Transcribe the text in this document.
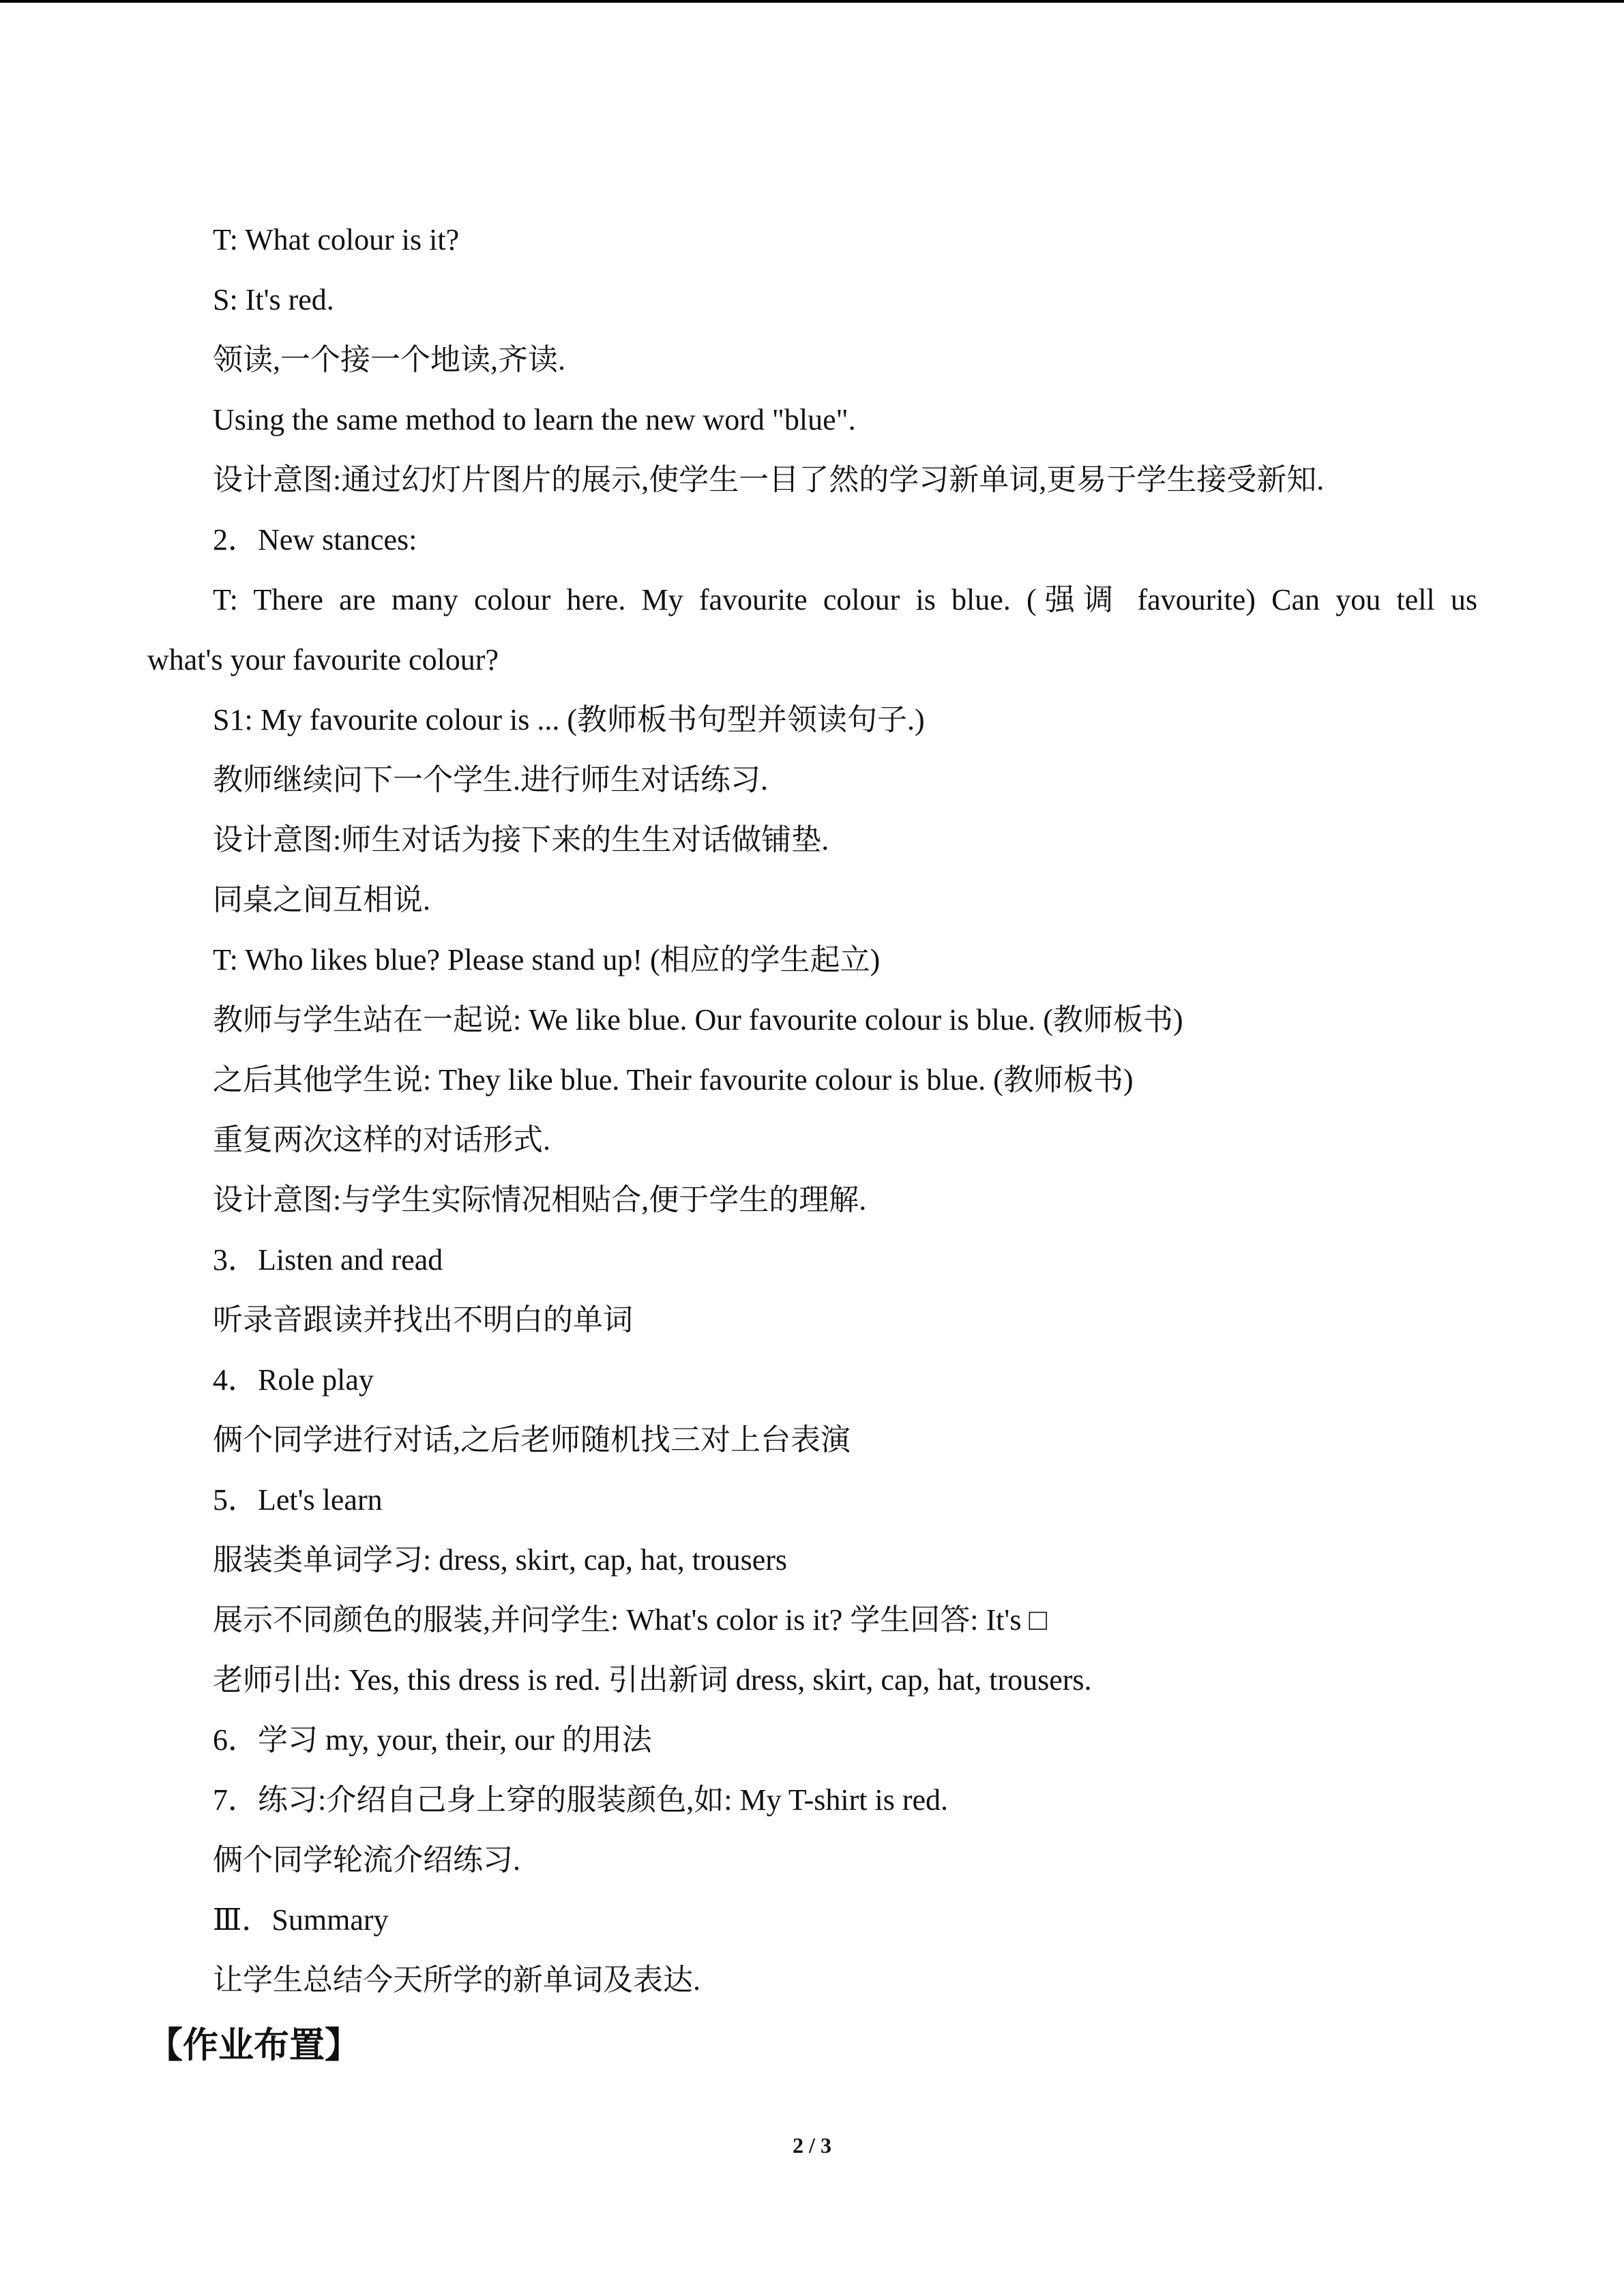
T: What colour is it?
S: It's red.
领读,一个接一个地读,齐读.
Using the same method to learn the new word "blue".
设计意图:通过幻灯片图片的展示,使学生一目了然的学习新单词,更易于学生接受新知.
2．New stances:
T: There are many colour here. My favourite colour is blue. (强调 favourite) Can you tell us
what's your favourite colour?
S1: My favourite colour is ... (教师板书句型并领读句子.)
教师继续问下一个学生.进行师生对话练习.
设计意图:师生对话为接下来的生生对话做铺垫.
同桌之间互相说.
T: Who likes blue? Please stand up! (相应的学生起立)
教师与学生站在一起说: We like blue. Our favourite colour is blue. (教师板书)
之后其他学生说: They like blue. Their favourite colour is blue. (教师板书)
重复两次这样的对话形式.
设计意图:与学生实际情况相贴合,便于学生的理解.
3．Listen and read
听录音跟读并找出不明白的单词
4．Role play
俩个同学进行对话,之后老师随机找三对上台表演
5．Let's learn
服装类单词学习: dress, skirt, cap, hat, trousers
展示不同颜色的服装,并问学生: What's color is it? 学生回答: It's □
老师引出: Yes, this dress is red. 引出新词 dress, skirt, cap, hat, trousers.
6．学习 my, your, their, our 的用法
7．练习:介绍自己身上穿的服装颜色,如: My T-shirt is red.
俩个同学轮流介绍练习.
Ⅲ．Summary
让学生总结今天所学的新单词及表达.
【作业布置】
2 / 3
